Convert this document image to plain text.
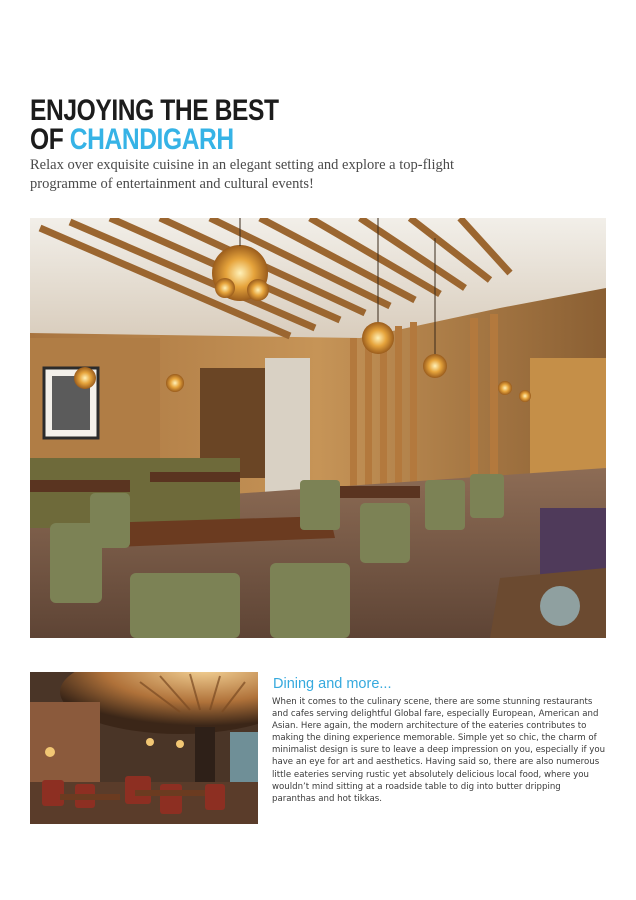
ENJOYING THE BEST
OF CHANDIGARH
Relax over exquisite cuisine in an elegant setting and explore a top-flight programme of entertainment and cultural events!
Dining and more...
When it comes to the culinary scene, there are some stunning restaurants and cafes serving delightful Global fare, especially European, American and Asian. Here again, the modern architecture of the eateries contributes to making the dining experience memorable. Simple yet so chic, the charm of minimalist design is sure to leave a deep impression on you, especially if you have an eye for art and aesthetics. Having said so, there are also numerous little eateries serving rustic yet absolutely delicious local food, where you wouldn’t mind sitting at a roadside table to dig into butter dripping paranthas and hot tikkas.
